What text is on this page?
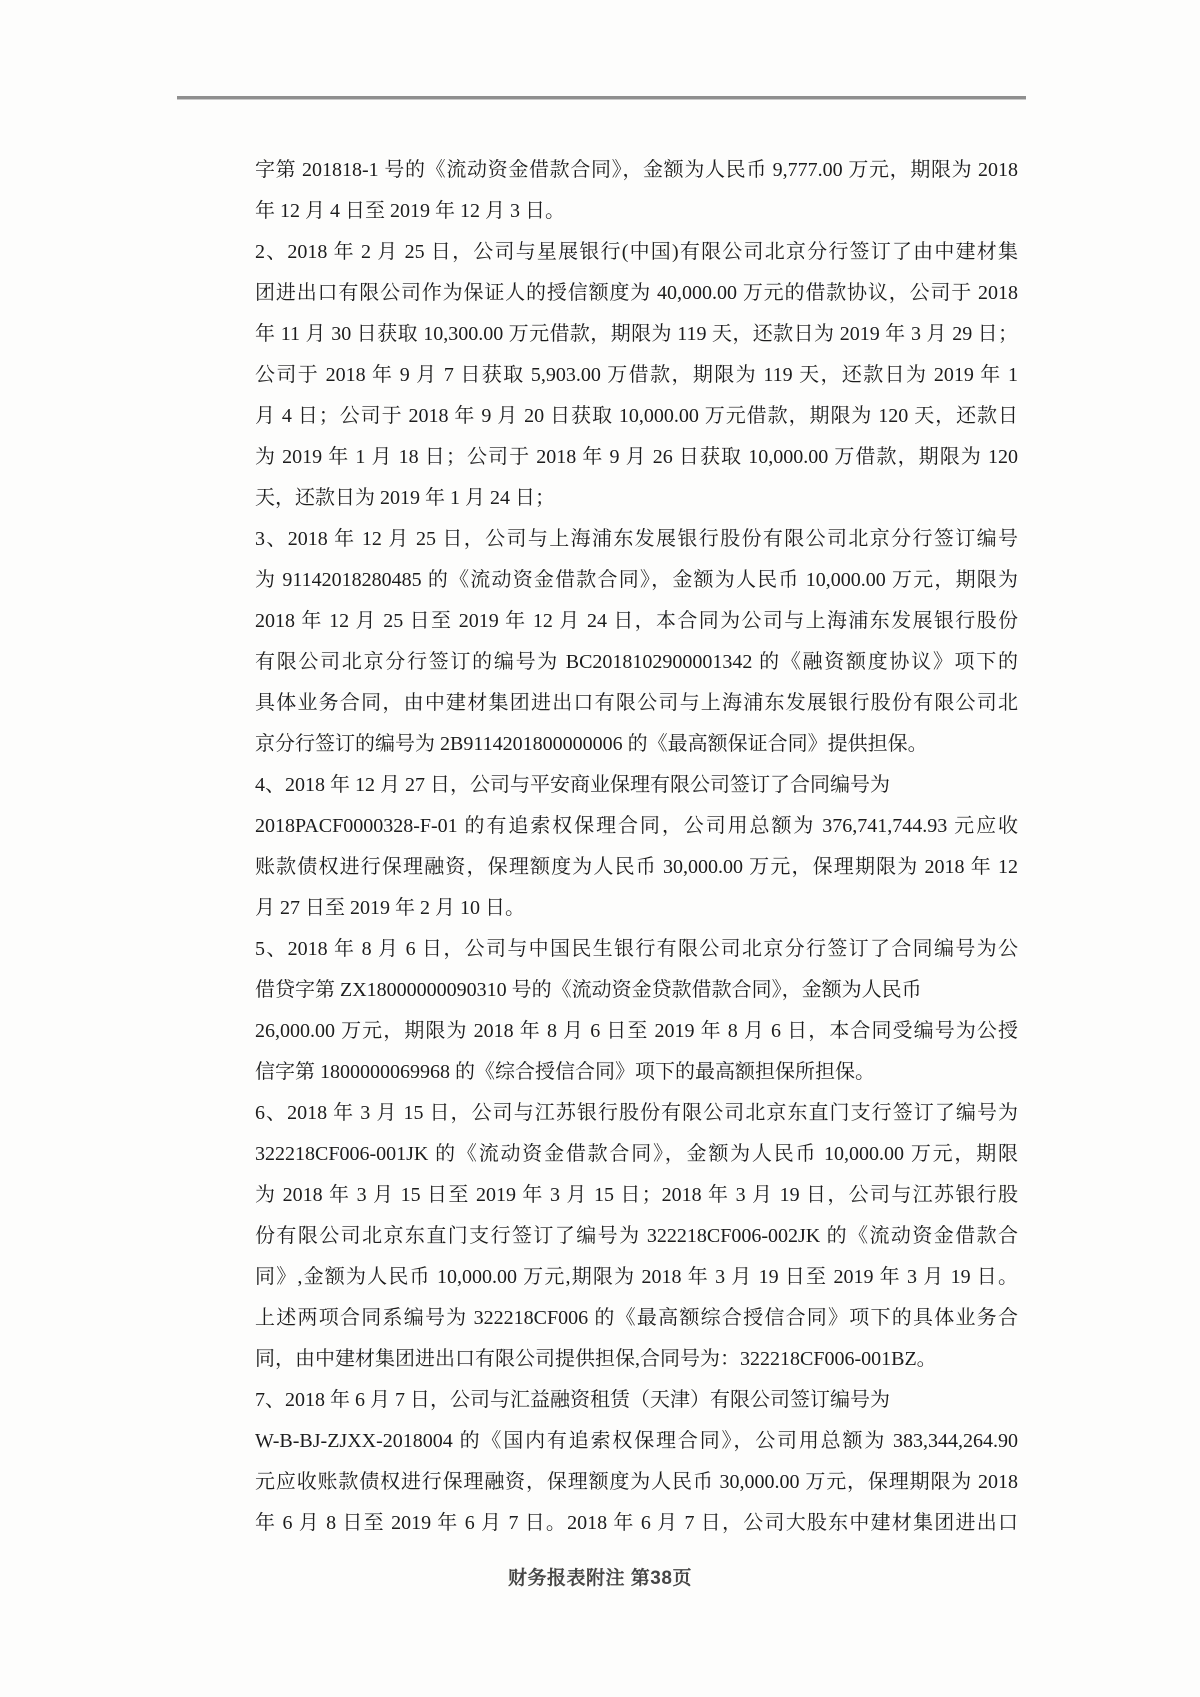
字第 201818-1 号的《流动资金借款合同》，金额为人民币 9,777.00 万元，期限为 2018
年 12 月 4 日至 2019 年 12 月 3 日。
2、2018 年 2 月 25 日，公司与星展银行(中国)有限公司北京分行签订了由中建材集
团进出口有限公司作为保证人的授信额度为 40,000.00 万元的借款协议，公司于 2018
年 11 月 30 日获取 10,300.00 万元借款，期限为 119 天，还款日为 2019 年 3 月 29 日；
公司于 2018 年 9 月 7 日获取 5,903.00 万借款，期限为 119 天，还款日为 2019 年 1
月 4 日；公司于 2018 年 9 月 20 日获取 10,000.00 万元借款，期限为 120 天，还款日
为 2019 年 1 月 18 日；公司于 2018 年 9 月 26 日获取 10,000.00 万借款，期限为 120
天，还款日为 2019 年 1 月 24 日；
3、2018 年 12 月 25 日，公司与上海浦东发展银行股份有限公司北京分行签订编号
为 91142018280485 的《流动资金借款合同》，金额为人民币 10,000.00 万元，期限为
2018 年 12 月 25 日至 2019 年 12 月 24 日，本合同为公司与上海浦东发展银行股份
有限公司北京分行签订的编号为 BC2018102900001342 的《融资额度协议》项下的
具体业务合同，由中建材集团进出口有限公司与上海浦东发展银行股份有限公司北
京分行签订的编号为 2B9114201800000006 的《最高额保证合同》提供担保。
4、2018 年 12 月 27 日，公司与平安商业保理有限公司签订了合同编号为
2018PACF0000328-F-01 的有追索权保理合同，公司用总额为 376,741,744.93 元应收
账款债权进行保理融资，保理额度为人民币 30,000.00 万元，保理期限为 2018 年 12
月 27 日至 2019 年 2 月 10 日。
5、2018 年 8 月 6 日，公司与中国民生银行有限公司北京分行签订了合同编号为公
借贷字第 ZX18000000090310 号的《流动资金贷款借款合同》，金额为人民币
26,000.00 万元，期限为 2018 年 8 月 6 日至 2019 年 8 月 6 日，本合同受编号为公授
信字第 1800000069968 的《综合授信合同》项下的最高额担保所担保。
6、2018 年 3 月 15 日，公司与江苏银行股份有限公司北京东直门支行签订了编号为
322218CF006-001JK 的《流动资金借款合同》，金额为人民币 10,000.00 万元，期限
为 2018 年 3 月 15 日至 2019 年 3 月 15 日；2018 年 3 月 19 日，公司与江苏银行股
份有限公司北京东直门支行签订了编号为 322218CF006-002JK 的《流动资金借款合
同》,金额为人民币 10,000.00 万元,期限为 2018 年 3 月 19 日至 2019 年 3 月 19 日。
上述两项合同系编号为 322218CF006 的《最高额综合授信合同》项下的具体业务合
同，由中建材集团进出口有限公司提供担保,合同号为：322218CF006-001BZ。
7、2018 年 6 月 7 日，公司与汇益融资租赁（天津）有限公司签订编号为
W-B-BJ-ZJXX-2018004 的《国内有追索权保理合同》，公司用总额为 383,344,264.90
元应收账款债权进行保理融资，保理额度为人民币 30,000.00 万元，保理期限为 2018
年 6 月 8 日至 2019 年 6 月 7 日。2018 年 6 月 7 日，公司大股东中建材集团进出口
财务报表附注 第38页
